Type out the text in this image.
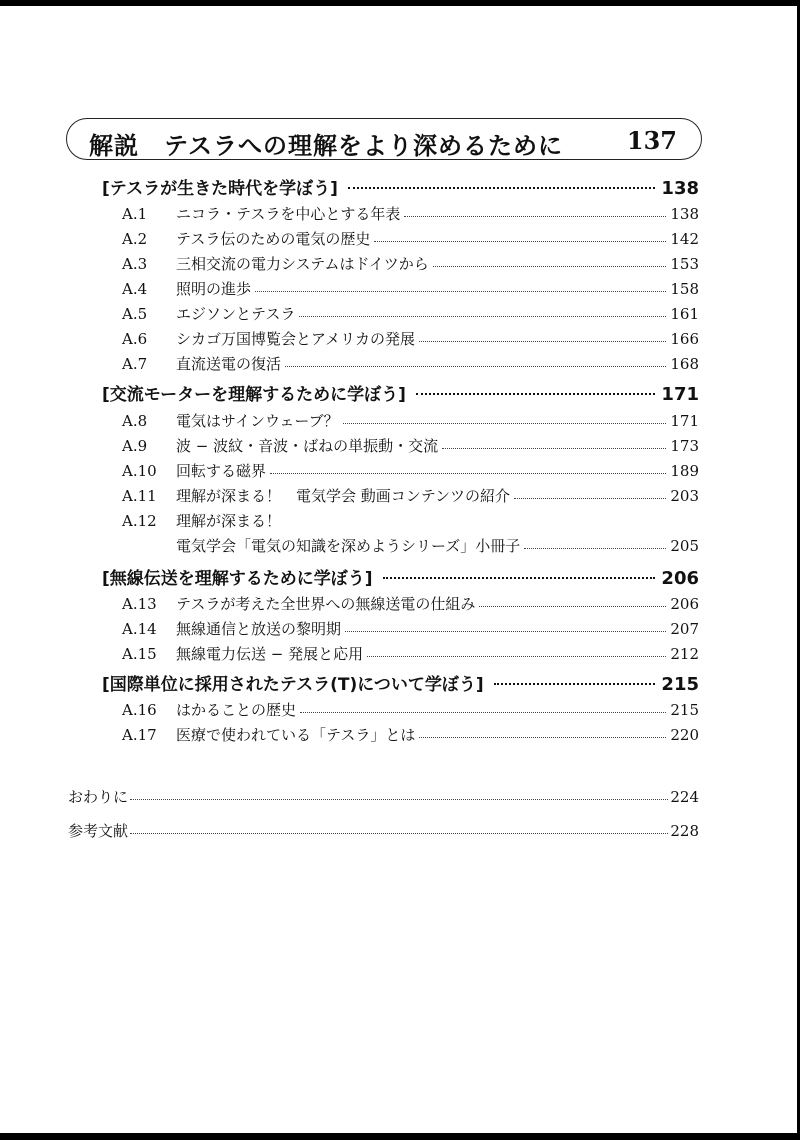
解説　テスラへの理解をより深めるために	137
[テスラが生きた時代を学ぼう]	138
A.1	ニコラ・テスラを中心とする年表	138
A.2	テスラ伝のための電気の歴史	142
A.3	三相交流の電力システムはドイツから	153
A.4	照明の進歩	158
A.5	エジソンとテスラ	161
A.6	シカゴ万国博覧会とアメリカの発展	166
A.7	直流送電の復活	168
[交流モーターを理解するために学ぼう]	171
A.8	電気はサインウェーブ？	171
A.9	波 − 波紋・音波・ばねの単振動・交流	173
A.10	回転する磁界	189
A.11	理解が深まる！　電気学会 動画コンテンツの紹介	203
A.12 理解が深まる！
電気学会「電気の知識を深めようシリーズ」小冊子	205
[無線伝送を理解するために学ぼう]	206
A.13	テスラが考えた全世界への無線送電の仕組み	206
A.14	無線通信と放送の黎明期	207
A.15	無線電力伝送 − 発展と応用	212
[国際単位に採用されたテスラ(T)について学ぼう]	215
A.16	はかることの歴史	215
A.17	医療で使われている「テスラ」とは	220
おわりに	224
参考文献	228
